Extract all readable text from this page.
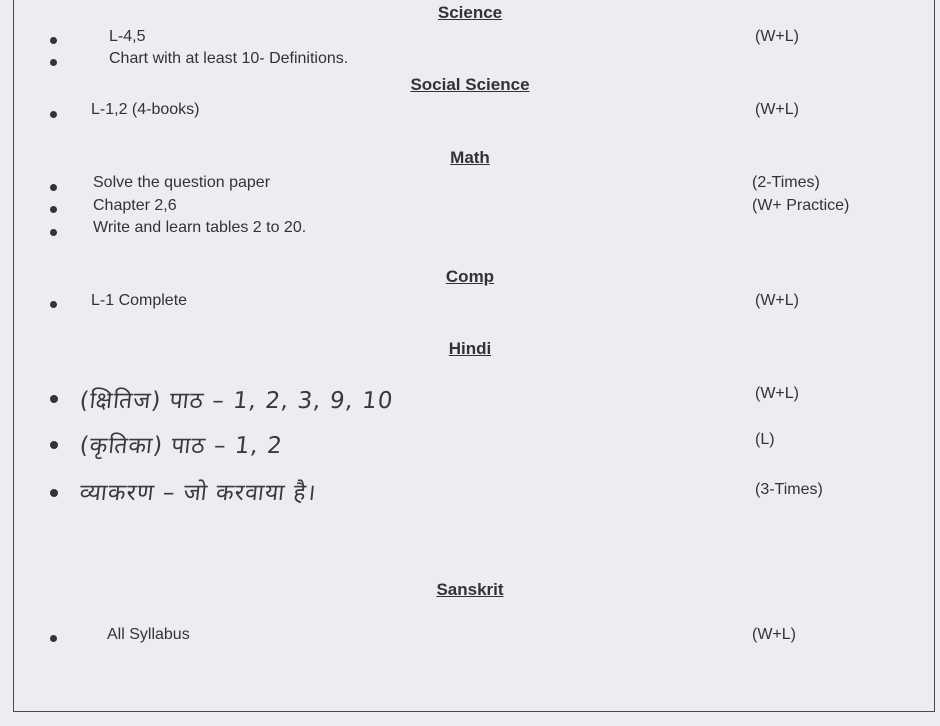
Science
L-4,5	(W+L)
Chart with at least 10- Definitions.
Social Science
L-1,2 (4-books)	(W+L)
Math
Solve the question paper	(2-Times)
Chapter 2,6	(W+ Practice)
Write and learn tables 2 to 20.
Comp
L-1 Complete	(W+L)
Hindi
(क्षितिज) पाठ – 1, 2, 3, 9, 10	(W+L)
(कृतिका) पाठ – 1, 2	(L)
व्याकरण – जो करवाया है।	(3-Times)
Sanskrit
All Syllabus	(W+L)
